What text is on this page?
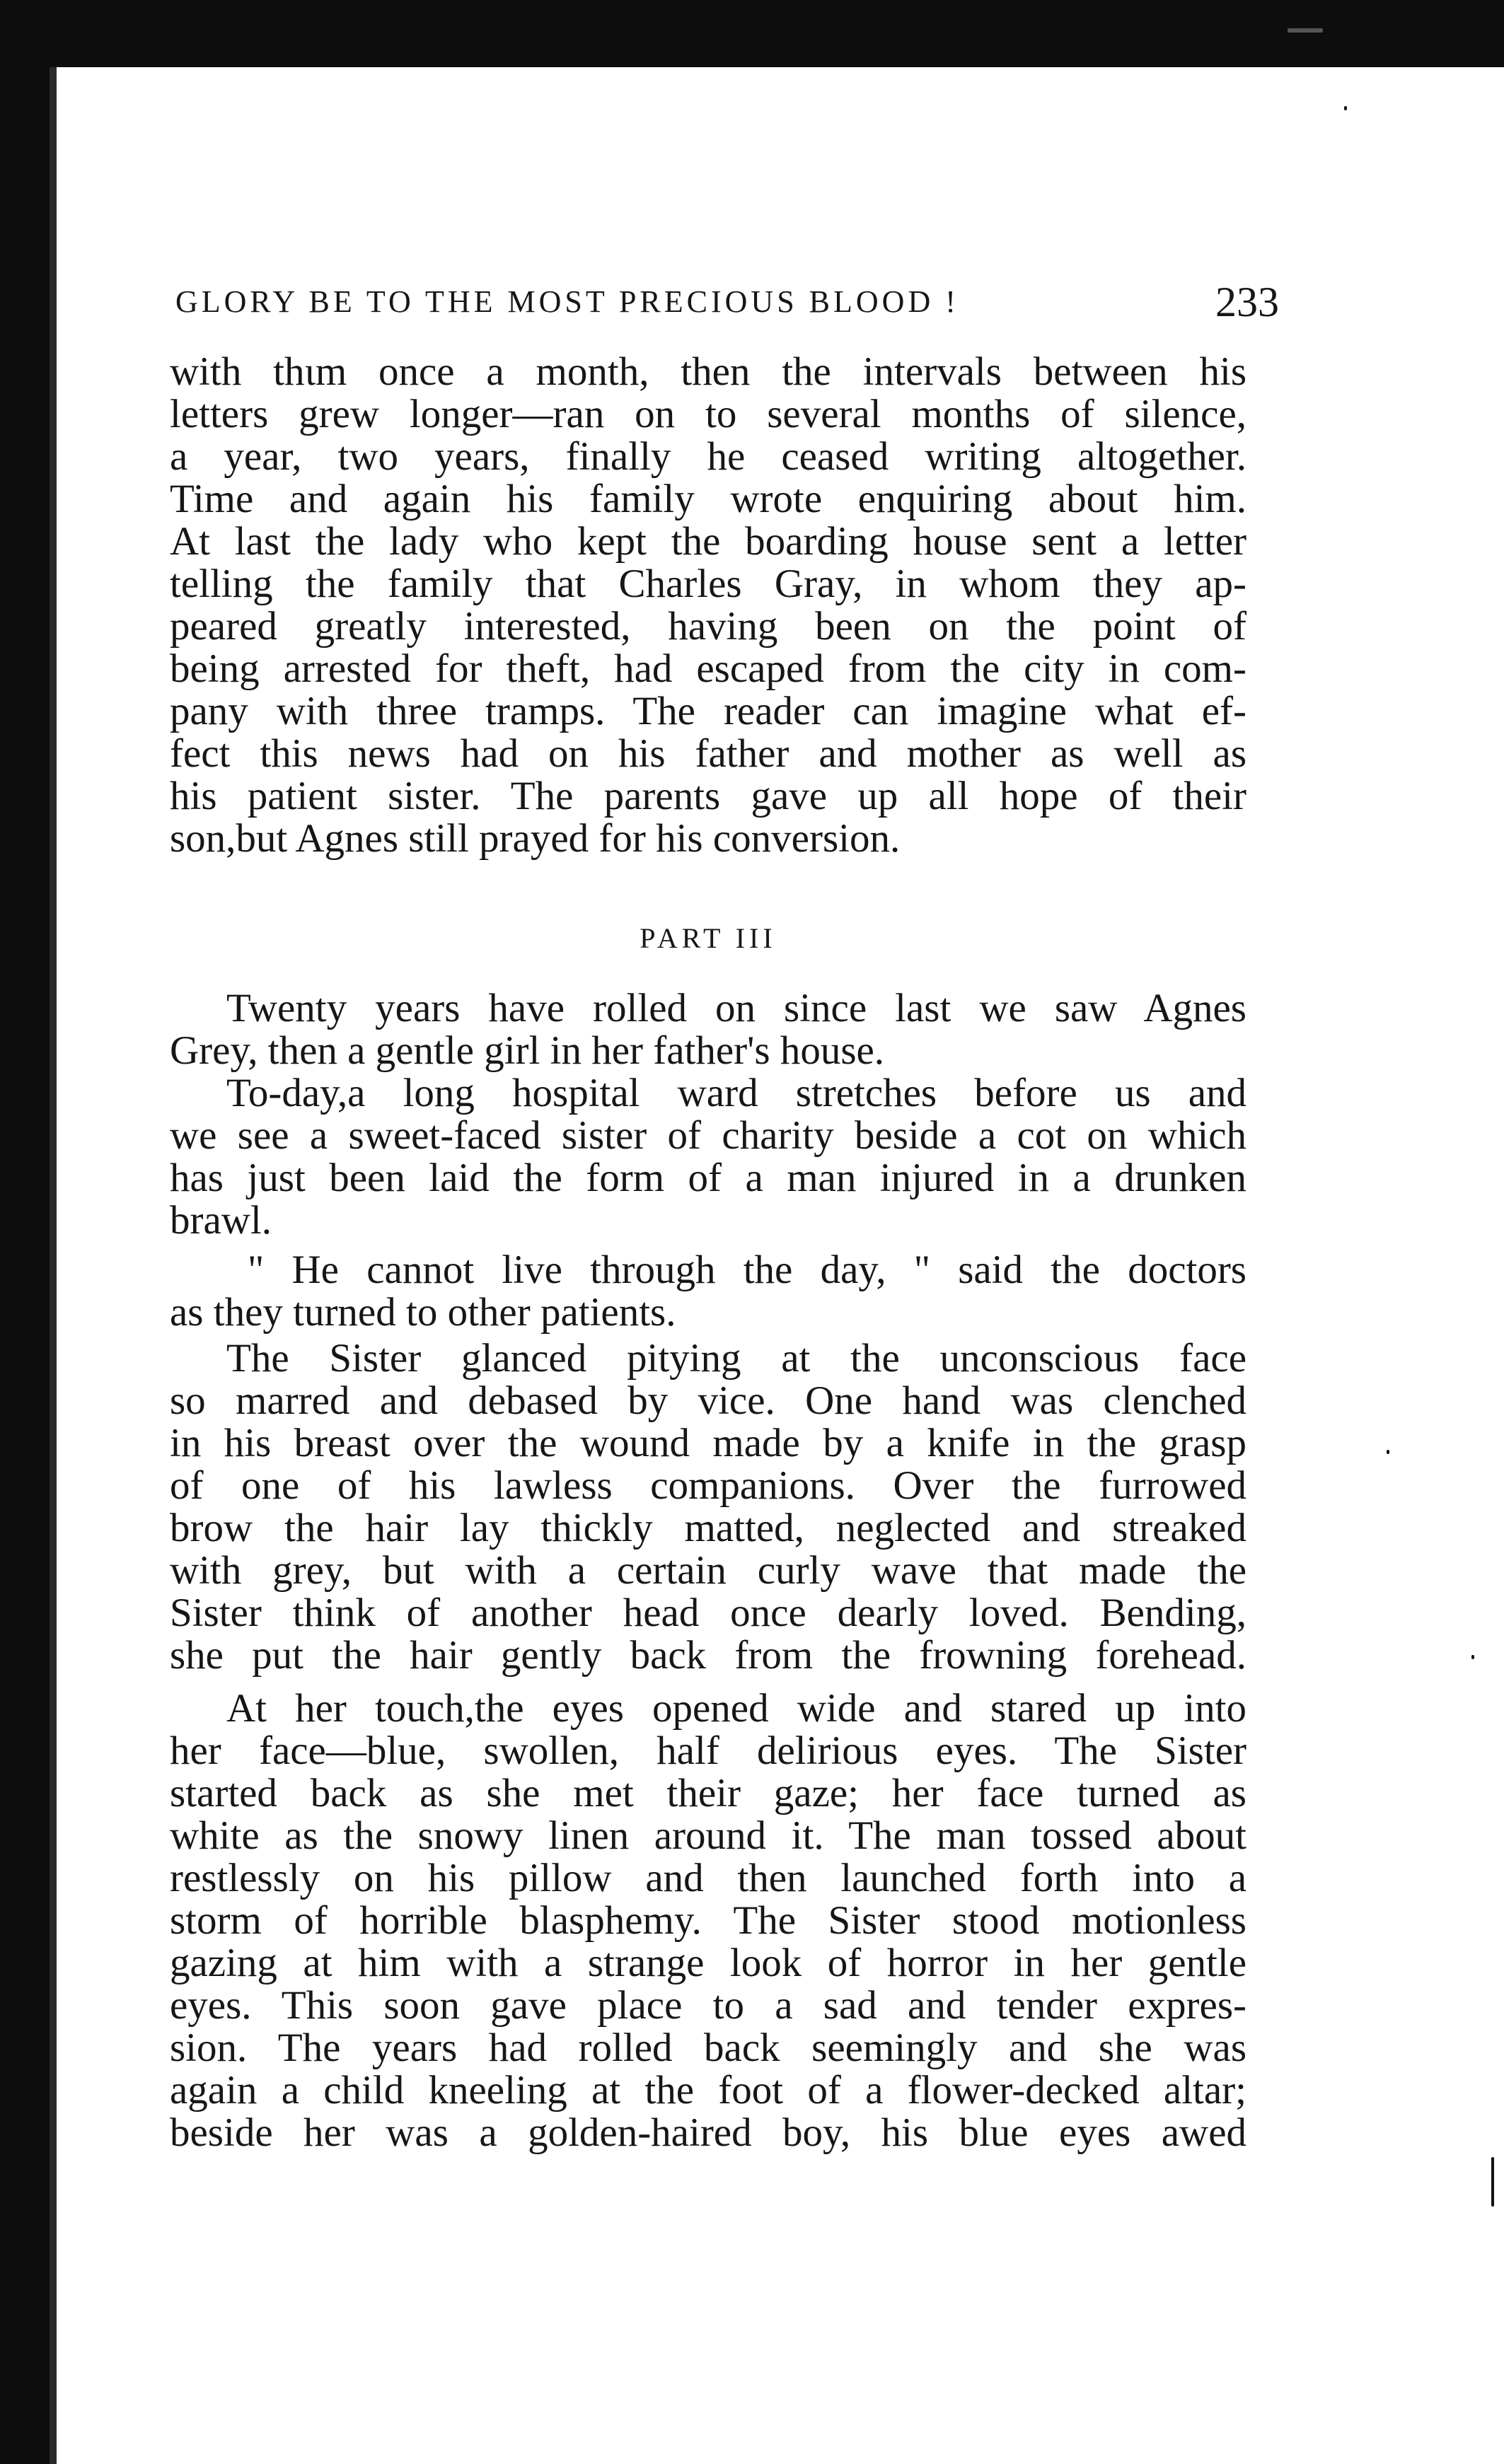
GLORY BE TO THE MOST PRECIOUS BLOOD !	233
with thɩm once a month, then the intervals between his
letters grew longer—ran on to several months of silence,
a year, two years, finally he ceased writing altogether.
Time and again his family wrote enquiring about him.
At last the lady who kept the boarding house sent a letter
telling the family that Charles Gray, in whom they ap-
peared greatly interested, having been on the point of
being arrested for theft, had escaped from the city in com-
pany with three tramps. The reader can imagine what ef-
fect this news had on his father and mother as well as
his patient sister. The parents gave up all hope of their
son,but Agnes still prayed for his conversion.
PART III
Twenty years have rolled on since last we saw Agnes
Grey, then a gentle girl in her father's house.
To-day,a long hospital ward stretches before us and
we see a sweet-faced sister of charity beside a cot on which
has just been laid the form of a man injured in a drunken
brawl.
" He cannot live through the day, " said the doctors
as they turned to other patients.
The Sister glanced pitying at the unconscious face
so marred and debased by vice. One hand was clenched
in his breast over the wound made by a knife in the grasp
of one of his lawless companions. Over the furrowed
brow the hair lay thickly matted, neglected and streaked
with grey, but with a certain curly wave that made the
Sister think of another head once dearly loved. Bending,
she put the hair gently back from the frowning forehead.
At her touch,the eyes opened wide and stared up into
her face—blue, swollen, half delirious eyes. The Sister
started back as she met their gaze; her face turned as
white as the snowy linen around it. The man tossed about
restlessly on his pillow and then launched forth into a
storm of horrible blasphemy. The Sister stood motionless
gazing at him with a strange look of horror in her gentle
eyes. This soon gave place to a sad and tender expres-
sion. The years had rolled back seemingly and she was
again a child kneeling at the foot of a flower-decked altar;
beside her was a golden-haired boy, his blue eyes awed
